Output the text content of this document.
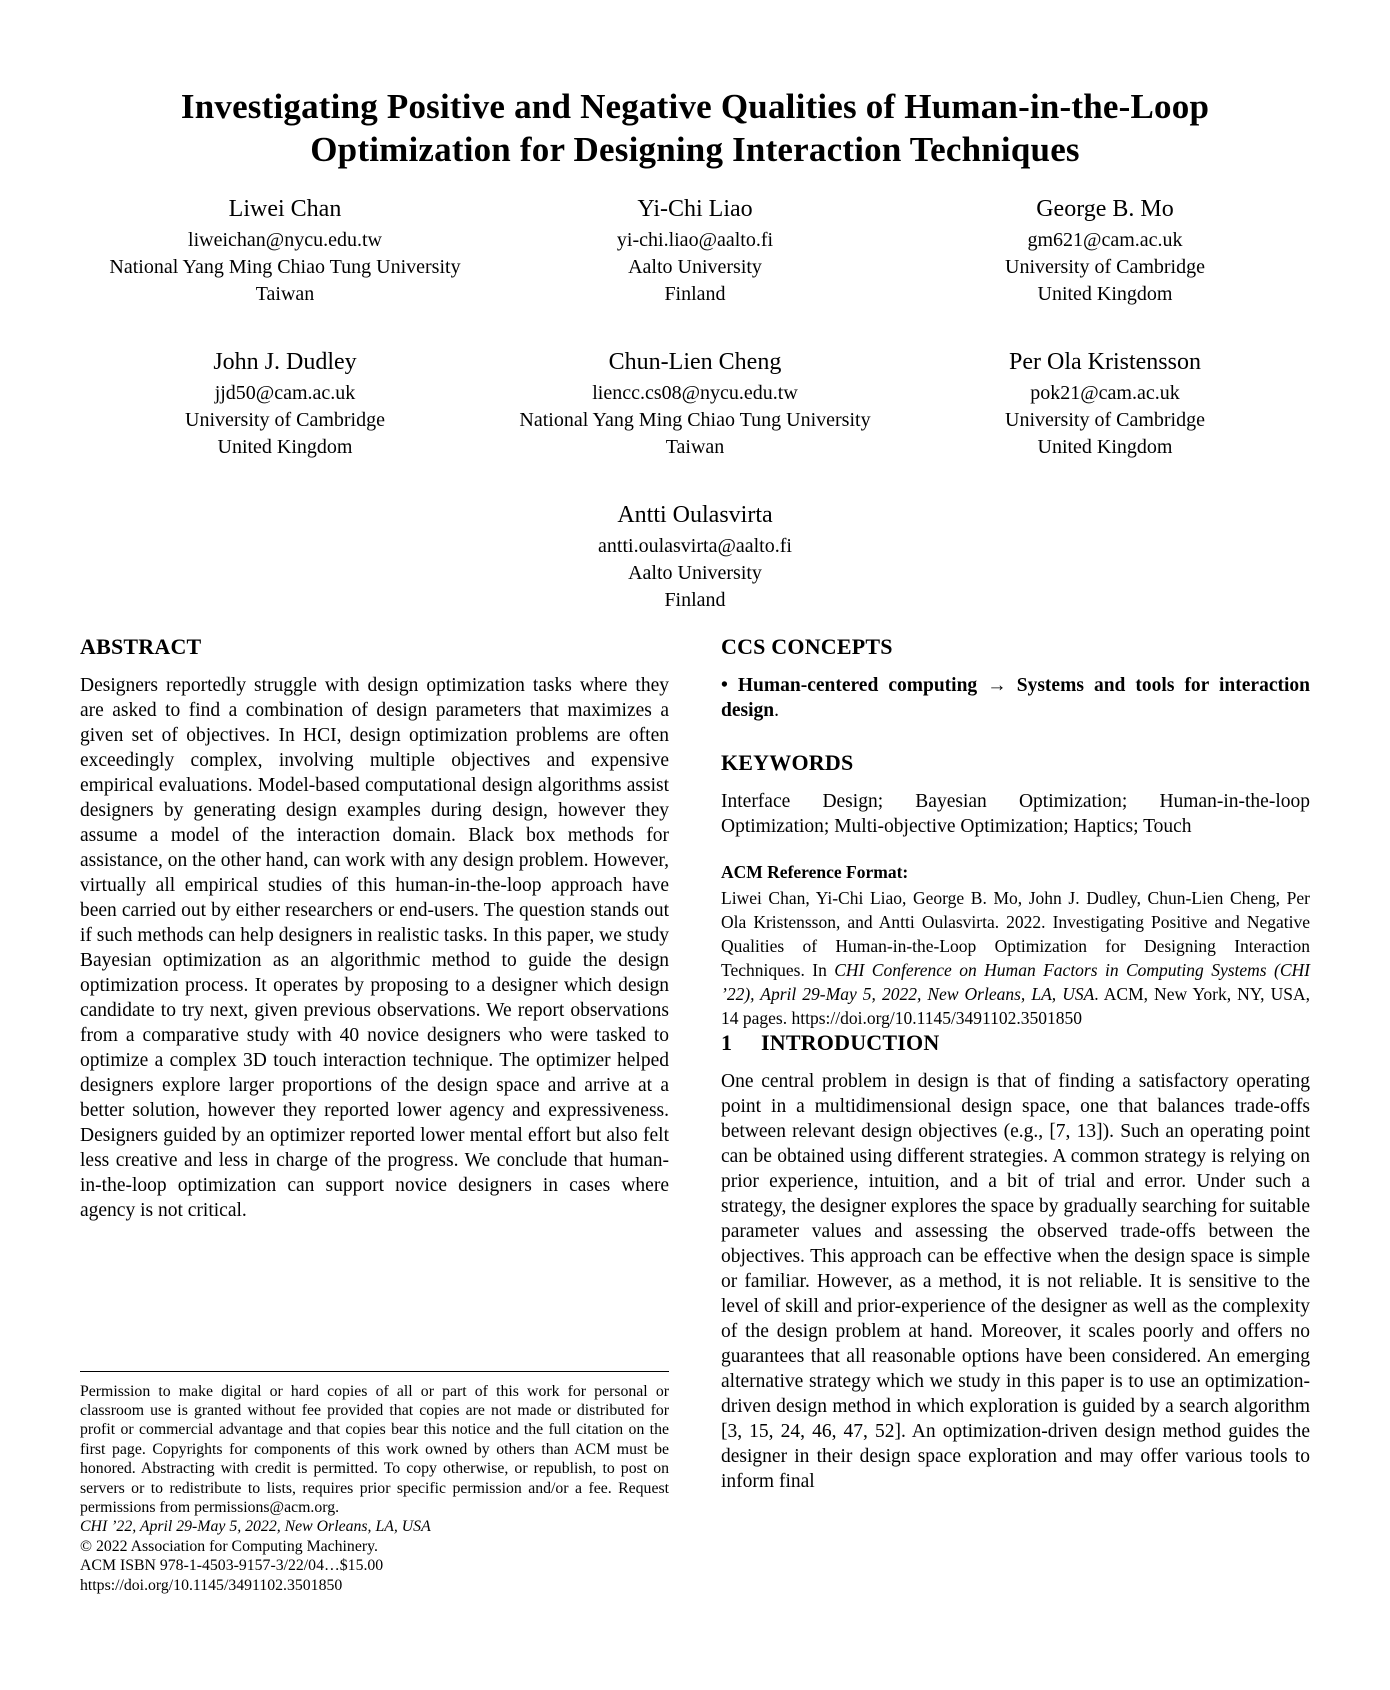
Investigating Positive and Negative Qualities of Human-in-the-Loop Optimization for Designing Interaction Techniques
Liwei Chan
liweichan@nycu.edu.tw
National Yang Ming Chiao Tung University
Taiwan
Yi-Chi Liao
yi-chi.liao@aalto.fi
Aalto University
Finland
George B. Mo
gm621@cam.ac.uk
University of Cambridge
United Kingdom
John J. Dudley
jjd50@cam.ac.uk
University of Cambridge
United Kingdom
Chun-Lien Cheng
liencc.cs08@nycu.edu.tw
National Yang Ming Chiao Tung University
Taiwan
Per Ola Kristensson
pok21@cam.ac.uk
University of Cambridge
United Kingdom
Antti Oulasvirta
antti.oulasvirta@aalto.fi
Aalto University
Finland
ABSTRACT

Designers reportedly struggle with design optimization tasks where they are asked to find a combination of design parameters that maximizes a given set of objectives. In HCI, design optimization problems are often exceedingly complex, involving multiple objectives and expensive empirical evaluations. Model-based computational design algorithms assist designers by generating design examples during design, however they assume a model of the interaction domain. Black box methods for assistance, on the other hand, can work with any design problem. However, virtually all empirical studies of this human-in-the-loop approach have been carried out by either researchers or end-users. The question stands out if such methods can help designers in realistic tasks. In this paper, we study Bayesian optimization as an algorithmic method to guide the design optimization process. It operates by proposing to a designer which design candidate to try next, given previous observations. We report observations from a comparative study with 40 novice designers who were tasked to optimize a complex 3D touch interaction technique. The optimizer helped designers explore larger proportions of the design space and arrive at a better solution, however they reported lower agency and expressiveness. Designers guided by an optimizer reported lower mental effort but also felt less creative and less in charge of the progress. We conclude that human-in-the-loop optimization can support novice designers in cases where agency is not critical.

Permission to make digital or hard copies of all or part of this work for personal or classroom use is granted without fee provided that copies are not made or distributed for profit or commercial advantage and that copies bear this notice and the full citation on the first page. Copyrights for components of this work owned by others than ACM must be honored. Abstracting with credit is permitted. To copy otherwise, or republish, to post on servers or to redistribute to lists, requires prior specific permission and/or a fee. Request permissions from permissions@acm.org.

CHI ’22, April 29-May 5, 2022, New Orleans, LA, USA

© 2022 Association for Computing Machinery.

ACM ISBN 978-1-4503-9157-3/22/04…$15.00

https://doi.org/10.1145/3491102.3501850

CCS CONCEPTS

• Human-centered computing → Systems and tools for interaction design.

KEYWORDS

Interface Design; Bayesian Optimization; Human-in-the-loop Optimization; Multi-objective Optimization; Haptics; Touch

ACM Reference Format:

Liwei Chan, Yi-Chi Liao, George B. Mo, John J. Dudley, Chun-Lien Cheng, Per Ola Kristensson, and Antti Oulasvirta. 2022. Investigating Positive and Negative Qualities of Human-in-the-Loop Optimization for Designing Interaction Techniques. In CHI Conference on Human Factors in Computing Systems (CHI ’22), April 29-May 5, 2022, New Orleans, LA, USA. ACM, New York, NY, USA, 14 pages. https://doi.org/10.1145/3491102.3501850

1 INTRODUCTION

One central problem in design is that of finding a satisfactory operating point in a multidimensional design space, one that balances trade-offs between relevant design objectives (e.g., [7, 13]). Such an operating point can be obtained using different strategies. A common strategy is relying on prior experience, intuition, and a bit of trial and error. Under such a strategy, the designer explores the space by gradually searching for suitable parameter values and assessing the observed trade-offs between the objectives. This approach can be effective when the design space is simple or familiar. However, as a method, it is not reliable. It is sensitive to the level of skill and prior-experience of the designer as well as the complexity of the design problem at hand. Moreover, it scales poorly and offers no guarantees that all reasonable options have been considered. An emerging alternative strategy which we study in this paper is to use an optimization-driven design method in which exploration is guided by a search algorithm [3, 15, 24, 46, 47, 52]. An optimization-driven design method guides the designer in their design space exploration and may offer various tools to inform final
